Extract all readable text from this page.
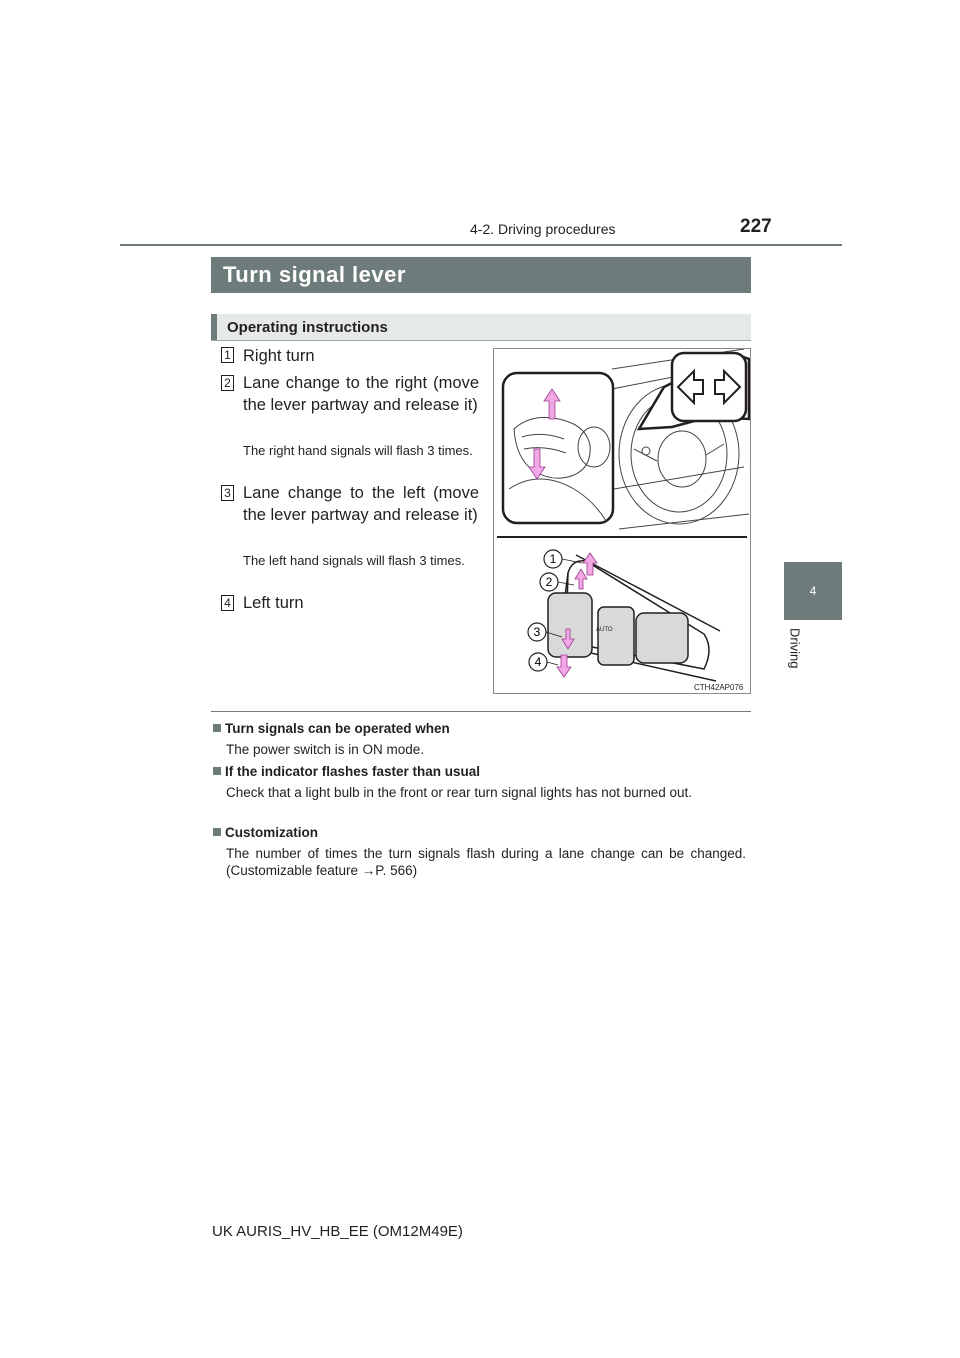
4-2. Driving procedures	227
4
Driving
Turn signal lever
Operating instructions
1 Right turn
2 Lane change to the right (move the lever partway and release it)
The right hand signals will flash 3 times.
3 Lane change to the left (move the lever partway and release it)
The left hand signals will flash 3 times.
4 Left turn
AUTO
1
2
3
4
CTH42AP076
Turn signals can be operated when
The power switch is in ON mode.
If the indicator flashes faster than usual
Check that a light bulb in the front or rear turn signal lights has not burned out.
Customization
The number of times the turn signals flash during a lane change can be changed. (Customizable feature →P. 566)
UK AURIS_HV_HB_EE (OM12M49E)
